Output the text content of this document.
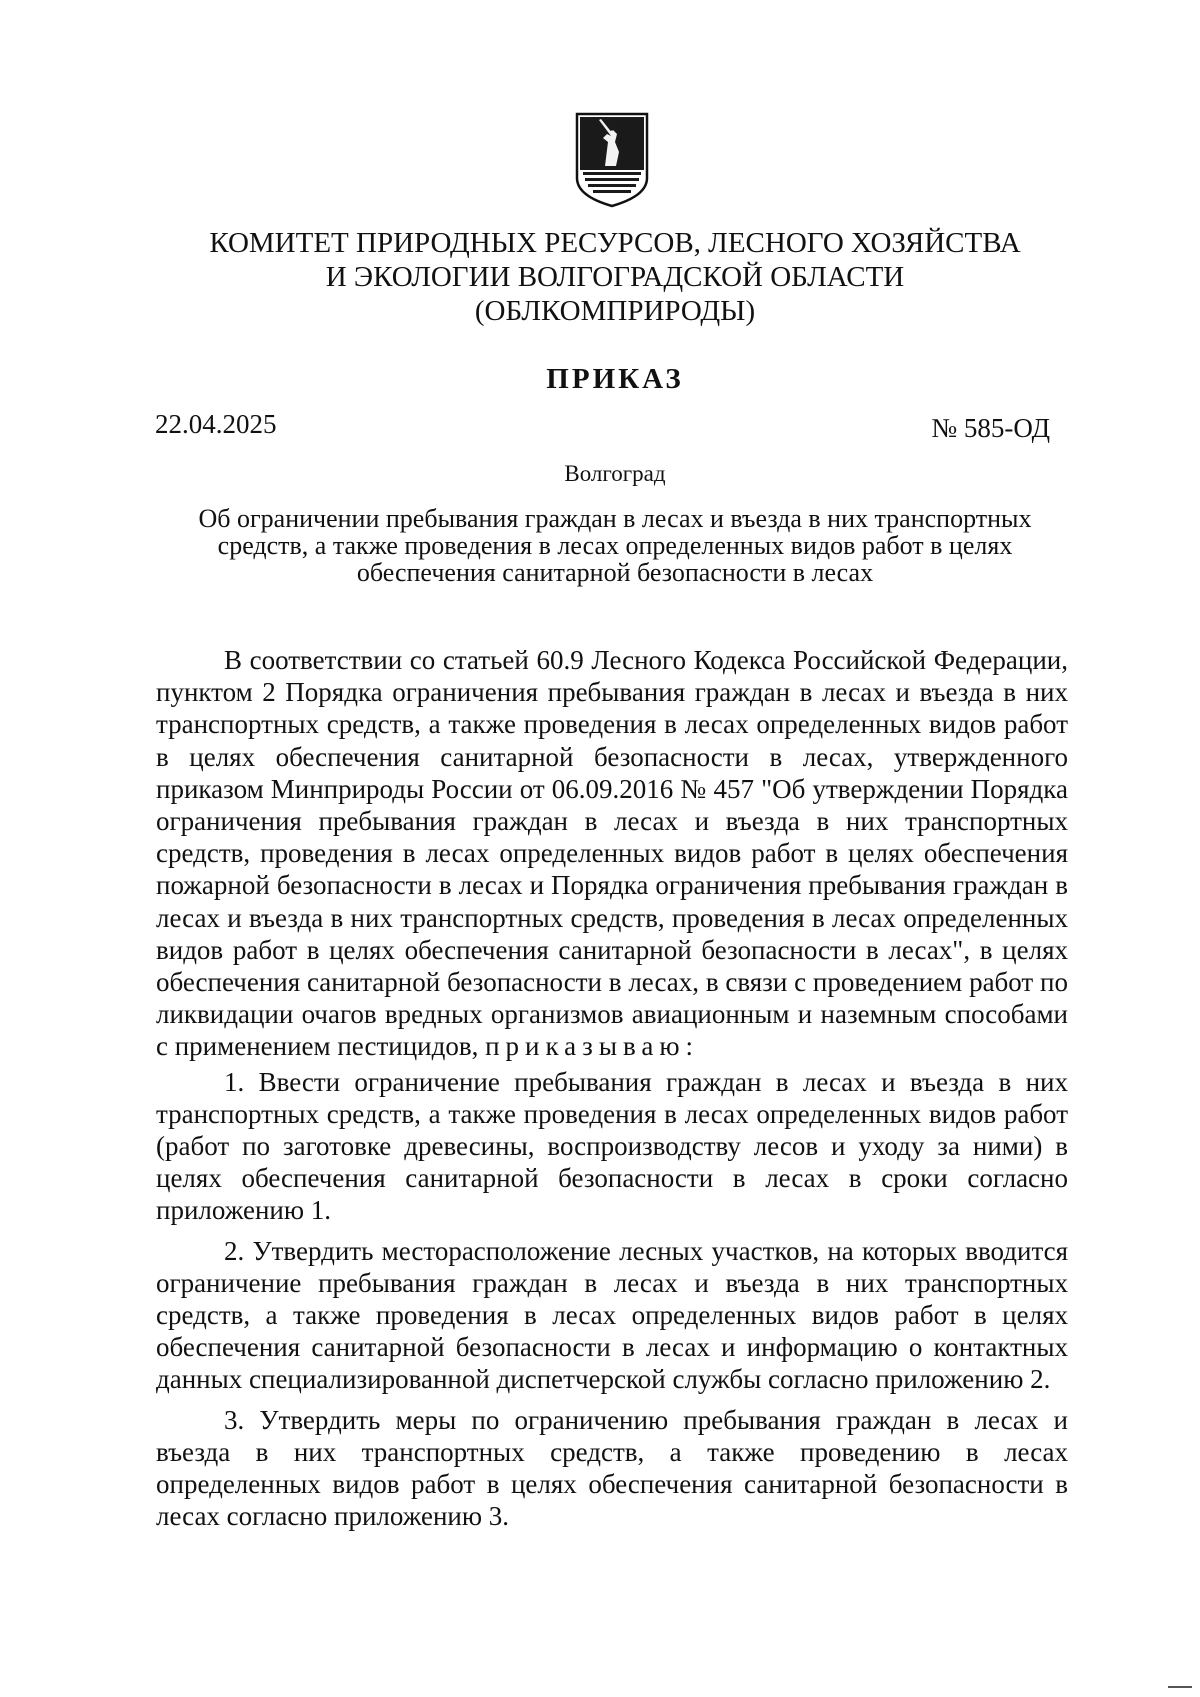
КОМИТЕТ ПРИРОДНЫХ РЕСУРСОВ, ЛЕСНОГО ХОЗЯЙСТВА
И ЭКОЛОГИИ ВОЛГОГРАДСКОЙ ОБЛАСТИ
(ОБЛКОМПРИРОДЫ)
ПРИКАЗ
22.04.2025	№ 585-ОД
Волгоград
Об ограничении пребывания граждан в лесах и въезда в них транспортных
средств, а также проведения в лесах определенных видов работ в целях
обеспечения санитарной безопасности в лесах

В соответствии со статьей 60.9 Лесного Кодекса Российской Федерации, пунктом 2 Порядка ограничения пребывания граждан в лесах и въезда в них транспортных средств, а также проведения в лесах определенных видов работ в целях обеспечения санитарной безопасности в лесах, утвержденного приказом Минприроды России от 06.09.2016 № 457 "Об утверждении Порядка ограничения пребывания граждан в лесах и въезда в них транспортных средств, проведения в лесах определенных видов работ в целях обеспечения пожарной безопасности в лесах и Порядка ограничения пребывания граждан в лесах и въезда в них транспортных средств, проведения в лесах определенных видов работ в целях обеспечения санитарной безопасности в лесах", в целях обеспечения санитарной безопасности в лесах, в связи с проведением работ по ликвидации очагов вредных организмов авиационным и наземным способами с применением пестицидов, приказываю:

1. Ввести ограничение пребывания граждан в лесах и въезда в них транспортных средств, а также проведения в лесах определенных видов работ (работ по заготовке древесины, воспроизводству лесов и уходу за ними) в целях обеспечения санитарной безопасности в лесах в сроки согласно приложению 1.

2. Утвердить месторасположение лесных участков, на которых вводится ограничение пребывания граждан в лесах и въезда в них транспортных средств, а также проведения в лесах определенных видов работ в целях обеспечения санитарной безопасности в лесах и информацию о контактных данных специализированной диспетчерской службы согласно приложению 2.

3. Утвердить меры по ограничению пребывания граждан в лесах и въезда в них транспортных средств, а также проведению в лесах определенных видов работ в целях обеспечения санитарной безопасности в лесах согласно приложению 3.
